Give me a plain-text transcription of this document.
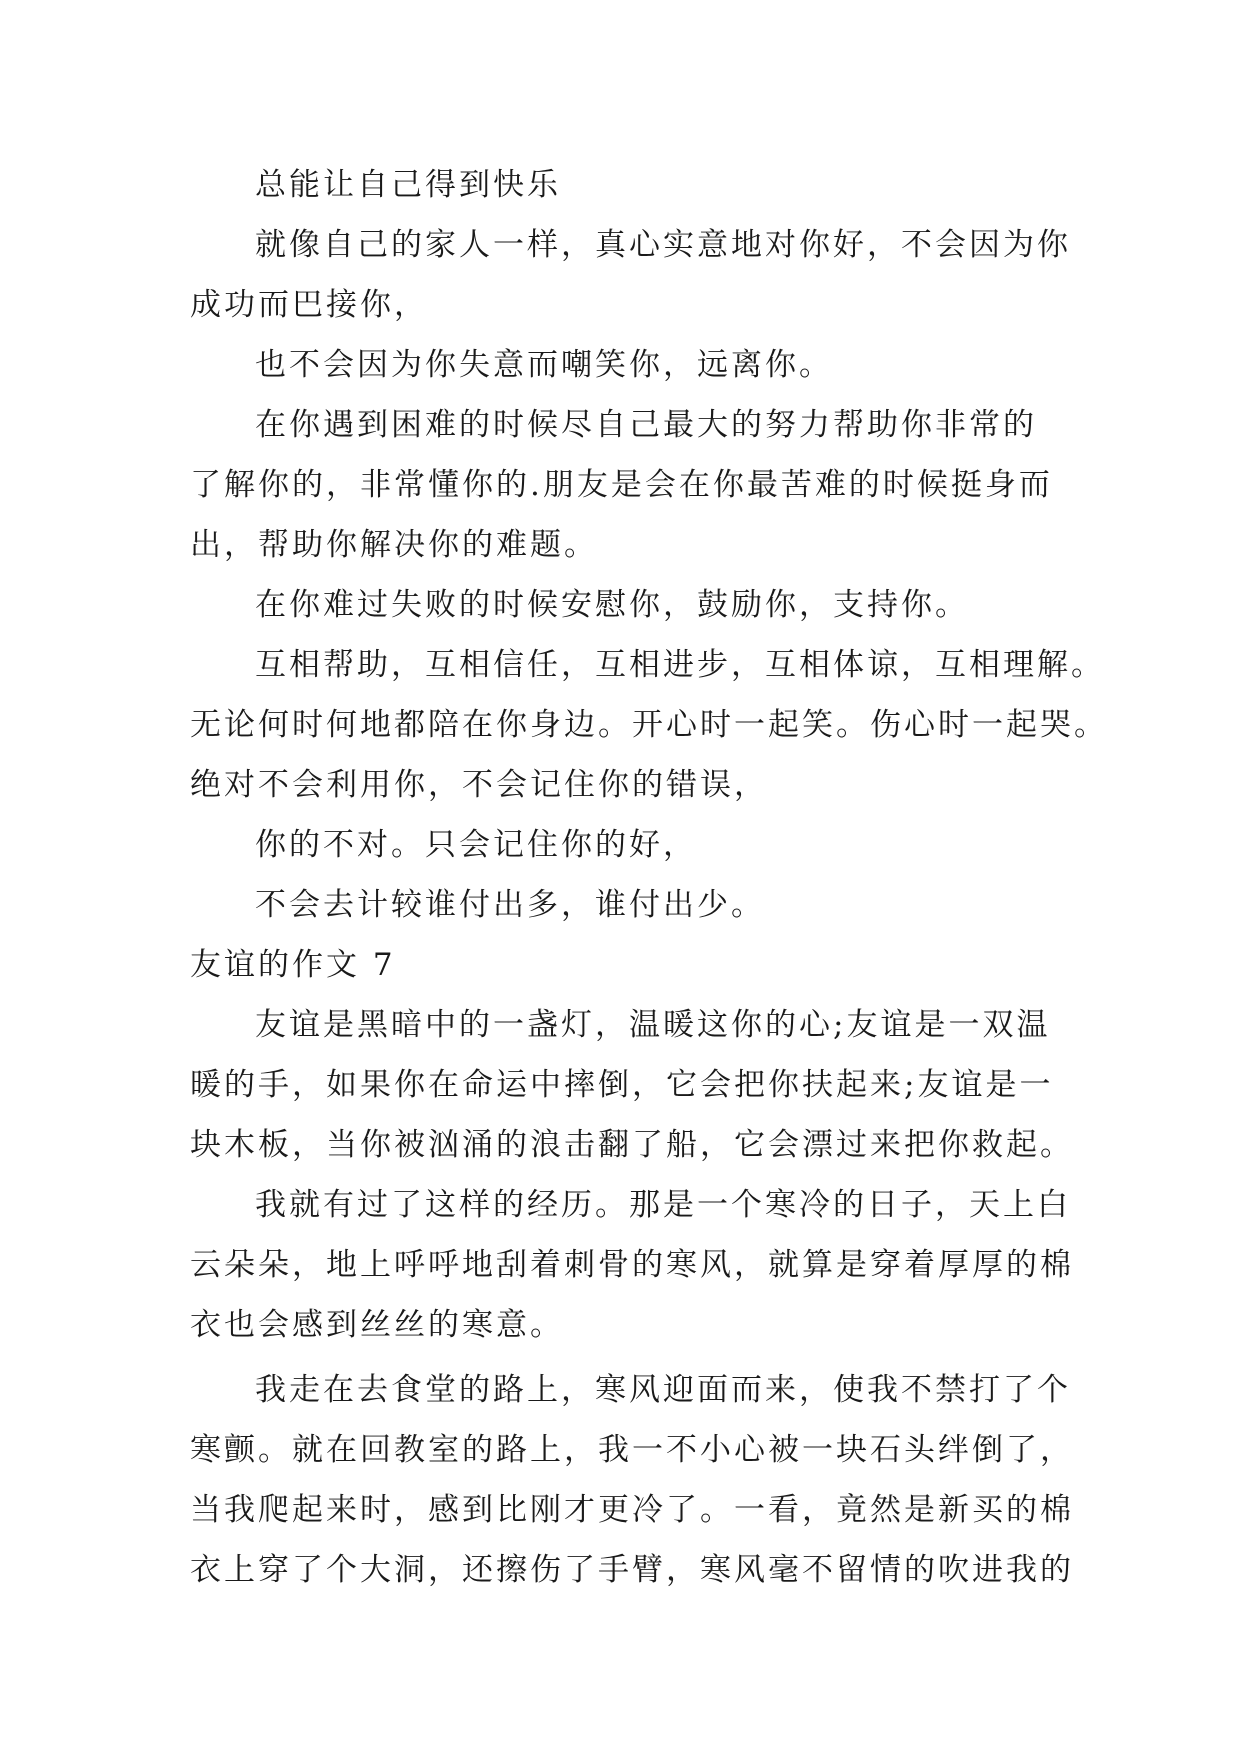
总能让自己得到快乐
就像自己的家人一样，真心实意地对你好，不会因为你
成功而巴接你，
也不会因为你失意而嘲笑你，远离你。
在你遇到困难的时候尽自己最大的努力帮助你非常的
了解你的，非常懂你的.朋友是会在你最苦难的时候挺身而
出，帮助你解决你的难题。
在你难过失败的时候安慰你，鼓励你，支持你。
互相帮助，互相信任，互相进步，互相体谅，互相理解。
无论何时何地都陪在你身边。开心时一起笑。伤心时一起哭。
绝对不会利用你，不会记住你的错误，
你的不对。只会记住你的好，
不会去计较谁付出多，谁付出少。
友谊的作文 7
友谊是黑暗中的一盏灯，温暖这你的心;友谊是一双温
暖的手，如果你在命运中摔倒，它会把你扶起来;友谊是一
块木板，当你被汹涌的浪击翻了船，它会漂过来把你救起。
我就有过了这样的经历。那是一个寒冷的日子，天上白
云朵朵，地上呼呼地刮着刺骨的寒风，就算是穿着厚厚的棉
衣也会感到丝丝的寒意。
我走在去食堂的路上，寒风迎面而来，使我不禁打了个
寒颤。就在回教室的路上，我一不小心被一块石头绊倒了，
当我爬起来时，感到比刚才更冷了。一看，竟然是新买的棉
衣上穿了个大洞，还擦伤了手臂，寒风毫不留情的吹进我的
